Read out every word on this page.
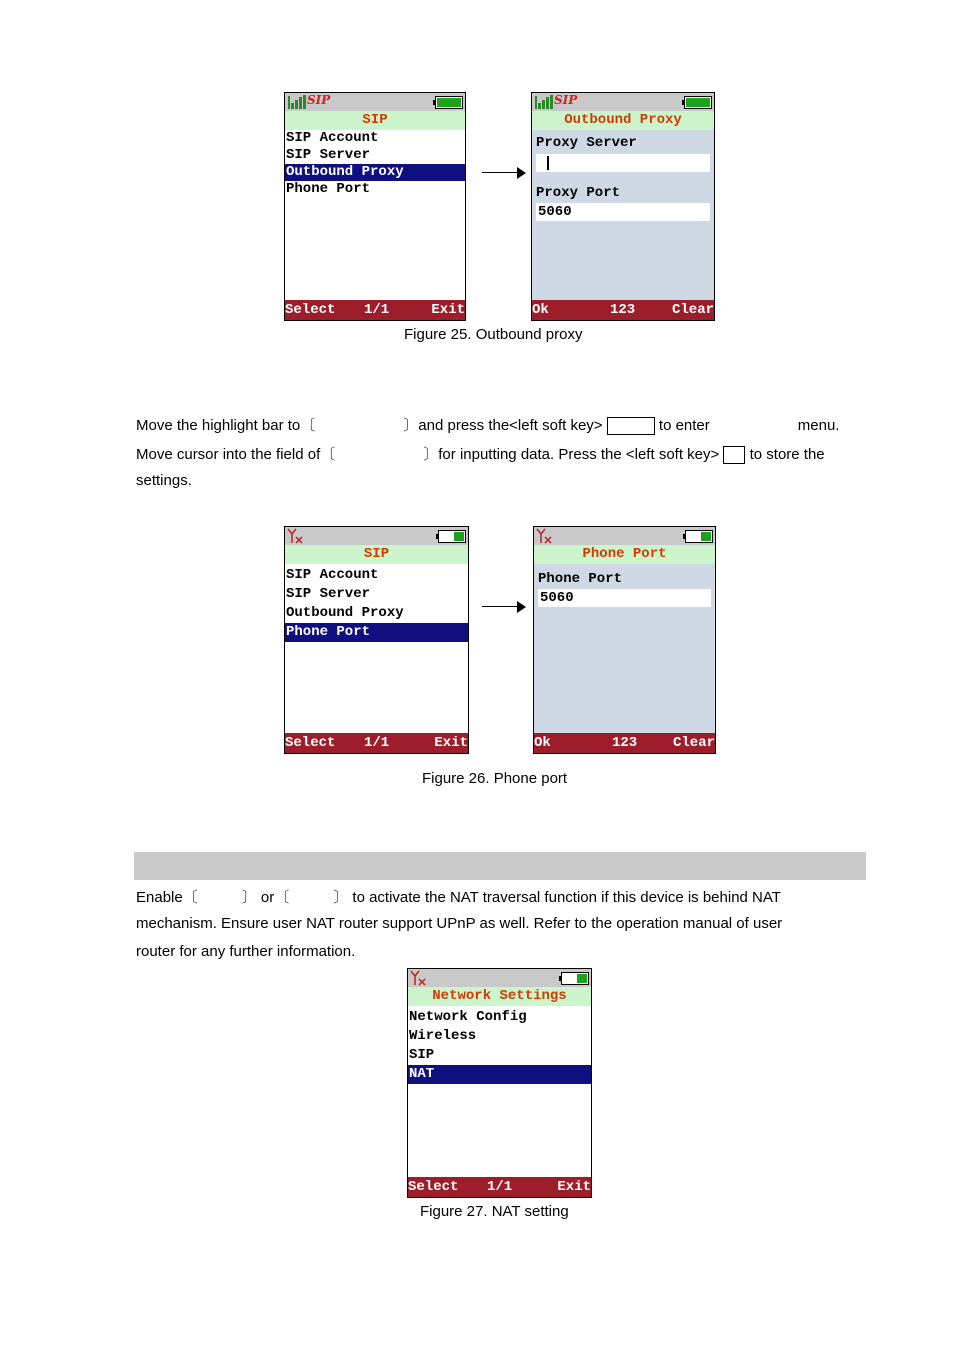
SIP
SIP
SIP Account
SIP Server
Outbound Proxy
Phone Port
Select 1/1	Exit
SIP
Outbound Proxy
Proxy Server
Proxy Port
5060
Ok	123	Clear
Figure 25. Outbound proxy
Move the highlight bar to〔	〕and press the<left soft key>	to enter	menu.
Move cursor into the field of〔	〕for inputting data. Press the <left soft key> to store the
settings.
SIP
SIP Account
SIP Server
Outbound Proxy
Phone Port
Select 1/1	Exit
Phone Port
Phone Port
5060
Ok	123	Clear
Figure 26. Phone port
Enable〔	〕 or〔	〕 to activate the NAT traversal function if this device is behind NAT
mechanism. Ensure user NAT router support UPnP as well. Refer to the operation manual of user
router for any further information.
Network Settings
Network Config
Wireless
SIP
NAT
Select 1/1	Exit
Figure 27. NAT setting
